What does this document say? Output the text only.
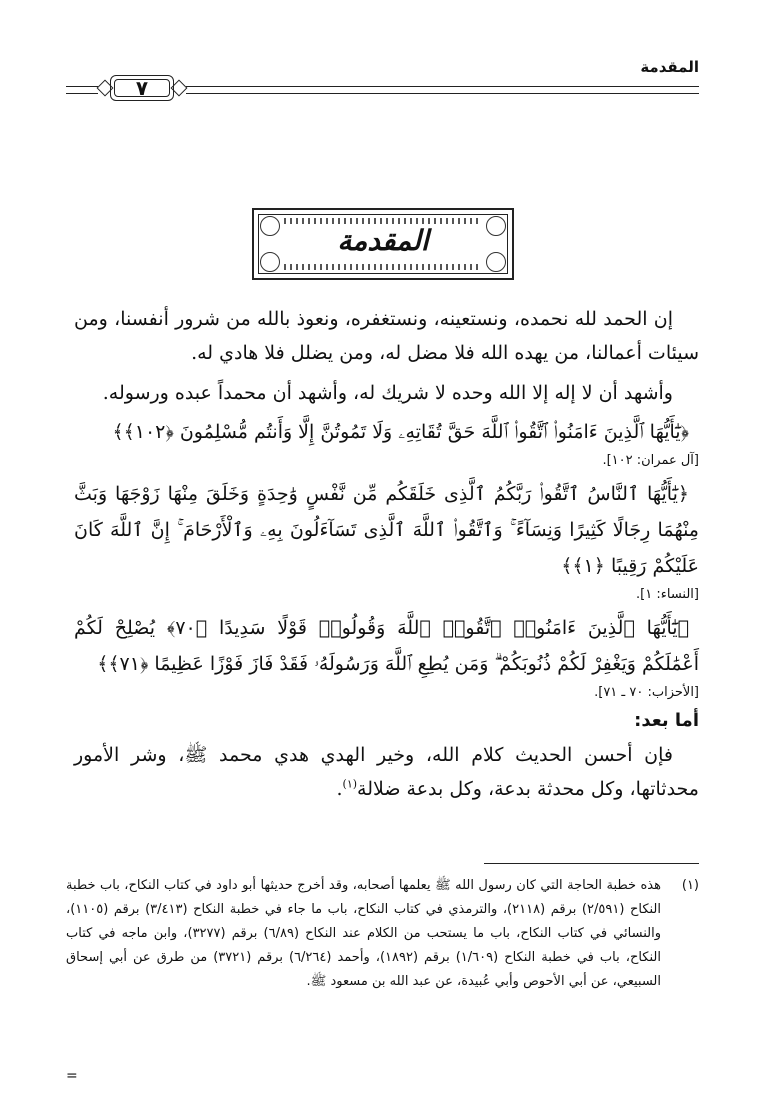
المقدمة
٧
المقدمة

إن الحمد لله نحمده، ونستعينه، ونستغفره، ونعوذ بالله من شرور أنفسنا، ومن سيئات أعمالنا، من يهده الله فلا مضل له، ومن يضلل فلا هادي له.

وأشهد أن لا إله إلا الله وحده لا شريك له، وأشهد أن محمداً عبده ورسوله.

﴿يَٰٓأَيُّهَا ٱلَّذِينَ ءَامَنُوا۟ ٱتَّقُوا۟ ٱللَّهَ حَقَّ تُقَاتِهِۦ وَلَا تَمُوتُنَّ إِلَّا وَأَنتُم مُّسْلِمُونَ ﴿١٠٢﴾﴾

[آل عمران: ١٠٢].

﴿يَٰٓأَيُّهَا ٱلنَّاسُ ٱتَّقُوا۟ رَبَّكُمُ ٱلَّذِى خَلَقَكُم مِّن نَّفْسٍ وَٰحِدَةٍ وَخَلَقَ مِنْهَا زَوْجَهَا وَبَثَّ مِنْهُمَا رِجَالًا كَثِيرًا وَنِسَآءً ۚ وَٱتَّقُوا۟ ٱللَّهَ ٱلَّذِى تَسَآءَلُونَ بِهِۦ وَٱلْأَرْحَامَ ۚ إِنَّ ٱللَّهَ كَانَ عَلَيْكُمْ رَقِيبًا ﴿١﴾﴾

[النساء: ١].

﴿يَٰٓأَيُّهَا ٱلَّذِينَ ءَامَنُوا۟ ٱتَّقُوا۟ ٱللَّهَ وَقُولُوا۟ قَوْلًا سَدِيدًا ﴿٧٠﴾ يُصْلِحْ لَكُمْ أَعْمَٰلَكُمْ وَيَغْفِرْ لَكُمْ ذُنُوبَكُمْ ۗ وَمَن يُطِعِ ٱللَّهَ وَرَسُولَهُۥ فَقَدْ فَازَ فَوْزًا عَظِيمًا ﴿٧١﴾﴾

[الأحزاب: ٧٠ ـ ٧١].

أما بعد:

فإن أحسن الحديث كلام الله، وخير الهدي هدي محمد ﷺ، وشر الأمور محدثاتها، وكل محدثة بدعة، وكل بدعة ضلالة$^{(١)}$.

(١)
هذه خطبة الحاجة التي كان رسول الله ﷺ يعلمها أصحابه، وقد أخرج حديثها أبو داود في كتاب النكاح، باب خطبة النكاح (٢/٥٩١) برقم (٢١١٨)، والترمذي في كتاب النكاح، باب ما جاء في خطبة النكاح (٣/٤١٣) برقم (١١٠٥)، والنسائي في كتاب النكاح، باب ما يستحب من الكلام عند النكاح (٦/٨٩) برقم (٣٢٧٧)، وابن ماجه في كتاب النكاح، باب في خطبة النكاح (١/٦٠٩) برقم (١٨٩٢)، وأحمد (٦/٢٦٤) برقم (٣٧٢١) من طرق عن أبي إسحاق السبيعي، عن أبي الأحوص وأبي عُبيدة، عن عبد الله بن مسعود ﷺ.
=
